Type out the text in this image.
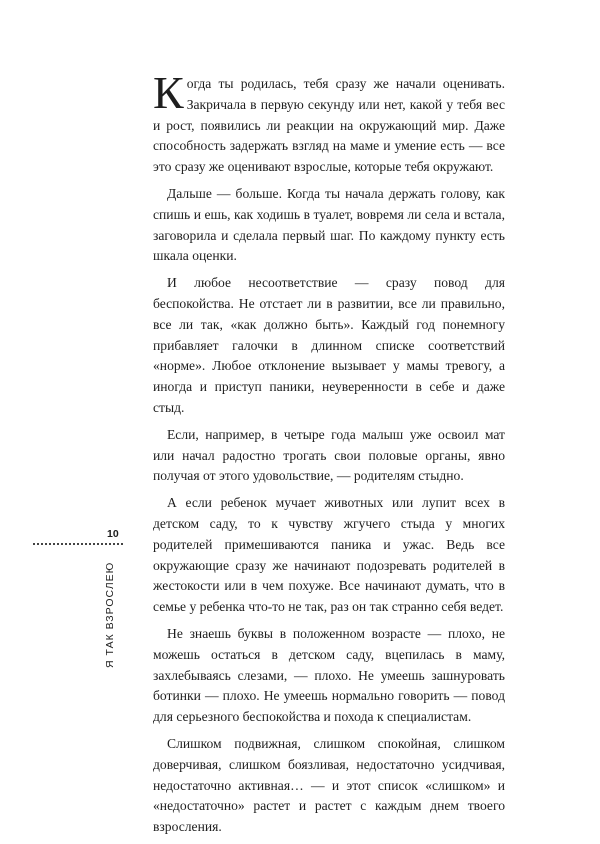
Когда ты родилась, тебя сразу же начали оценивать. Закричала в первую секунду или нет, какой у тебя вес и рост, появились ли реакции на окружающий мир. Даже способность задержать взгляд на маме и умение есть — все это сразу же оценивают взрослые, которые тебя окружают.

Дальше — больше. Когда ты начала держать голову, как спишь и ешь, как ходишь в туалет, вовремя ли села и встала, заговорила и сделала первый шаг. По каждому пункту есть шкала оценки.

И любое несоответствие — сразу повод для беспокойства. Не отстает ли в развитии, все ли правильно, все ли так, «как должно быть». Каждый год понемногу прибавляет галочки в длинном списке соответствий «норме». Любое отклонение вызывает у мамы тревогу, а иногда и приступ паники, неуверенности в себе и даже стыд.

Если, например, в четыре года малыш уже освоил мат или начал радостно трогать свои половые органы, явно получая от этого удовольствие, — родителям стыдно.

А если ребенок мучает животных или лупит всех в детском саду, то к чувству жгучего стыда у многих родителей примешиваются паника и ужас. Ведь все окружающие сразу же начинают подозревать родителей в жестокости или в чем похуже. Все начинают думать, что в семье у ребенка что-то не так, раз он так странно себя ведет.

Не знаешь буквы в положенном возрасте — плохо, не можешь остаться в детском саду, вцепилась в маму, захлебываясь слезами, — плохо. Не умеешь зашнуровать ботинки — плохо. Не умеешь нормально говорить — повод для серьезного беспокойства и похода к специалистам.

Слишком подвижная, слишком спокойная, слишком доверчивая, слишком боязливая, недостаточно усидчивая, недостаточно активная… — и этот список «слишком» и «недостаточно» растет и растет с каждым днем твоего взросления.

10
Я ТАК ВЗРОСЛЕЮ
